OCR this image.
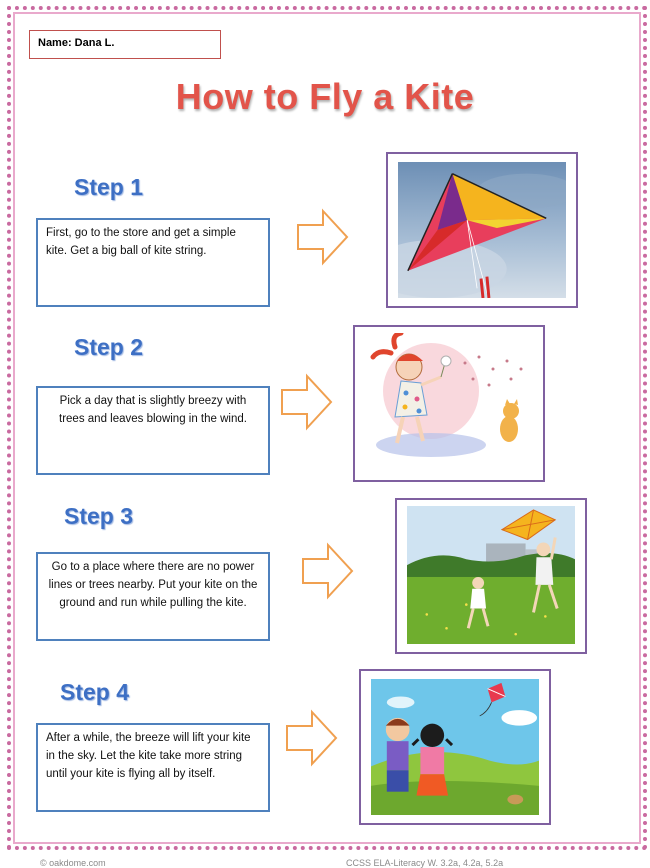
Name: Dana L.
How to Fly a Kite
Step 1
First, go to the store and get a simple kite. Get a big ball of kite string.
Step 2
Pick a day that is slightly breezy with trees and leaves blowing in the wind.
Step 3
Go to a place where there are no power lines or trees nearby. Put your kite on the ground and run while pulling the kite.
Step 4
After a while, the breeze will lift your kite in the sky. Let the kite take more string until your kite is flying all by itself.
© oakdome.com	CCSS ELA-Literacy W. 3.2a, 4.2a, 5.2a
